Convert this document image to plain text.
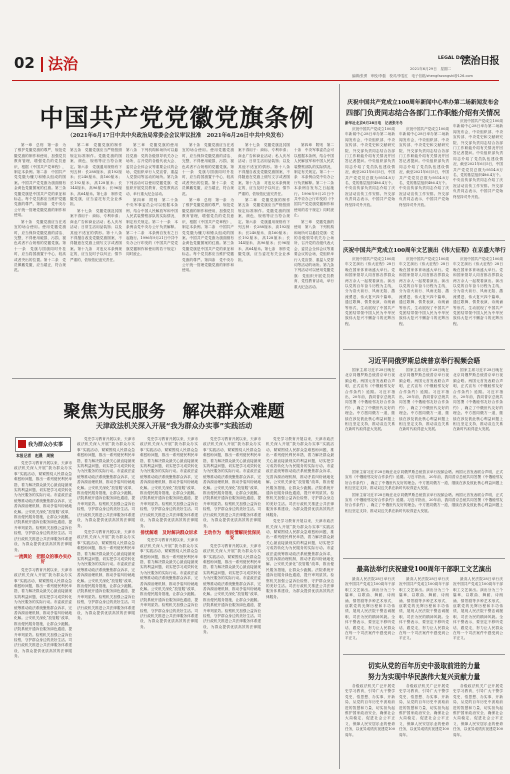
02 法治	LEGAL DAILY
法治日报
2021年6月29日　星期二
编辑/张勇　审校/李磊　校对/李雯红　电子信箱/zhengfazongshi@126.com
中国共产党党徽党旗条例
（2021年6月17日中共中央政治局常委会会议审议批准　2021年6月26日中共中央发布）

第一章　总则　第一条　为了维护党徽党旗的尊严，规范党徽党旗的制作和使用，加强党员教育管理，增强党员的党员意识，根据《中国共产党章程》，制定本条例。第二条　中国共产党党徽为镰刀和锤头组成的图案。中国共产党党旗为旗面缀有金黄色党徽图案的红旗。第三条　党徽党旗是中国共产党的象征和标志。每个党员都应当维护党徽党旗的尊严。第四条　党中央办公厅统一管理党徽党旗的制作和使用。

第十条　党徽党旗应当在适宜的场合使用。使用党徽党旗时，应当保持党徽党旗的清洁、完整，不得使用破损、污损、褪色或者不合规格的党徽党旗。第十一条　党旗与国旗同时升挂时，应当将国旗置于中心、较高或者突出的位置。第十二条　党员佩戴党徽，应当端正，符合规范。

第二章　党徽党旗的制作　第五条　党徽党旗应当严格按照规定标准制作。党徽党旗的图案、颜色、规格等应当符合规定。第六条　党旗通用规格有下列五种：长288厘米、高192厘米；长240厘米、高160厘米；长192厘米、高128厘米；长144厘米、高96厘米；长96厘米、高64厘米。第七条　制作党徽党旗，应当委托有关企业承担。

第十七条　党徽党旗及其图案不得用于：商标、专利申请；商业广告和商业活动；私人庆吊活动；日常生活用品装饰；以及其他不适宜的情形。第十八条　不得擅自改变党徽党旗图案，不得随意在党旗上缀写文字或者图案。第十九条　对违反本条例规定的，应当及时予以纠正；情节严重的，依规依纪追究责任。

第三章　党徽党旗的使用　第八条　下列机构和场所可以悬挂党旗：党的各级领导机关办公场所，召开党的各级代表大会、委员会全体会议等重要会议的会场，党组织举行入党宣誓、重温入党誓词等活动的场所。第九条　下列活动可以使用党徽党旗：党组织开展党员教育、党性教育活动，举行重大纪念活动。

第四章　附则　第二十条　中央军事委员会可以根据本条例，结合中国人民解放军和中国人民武装警察部队的实际情况，制定有关规定。第二十一条　本条例由党中央办公厅负责解释。第二十二条　本条例自发布之日起施行。1996年9月21日中共中央办公厅印发的《中国共产党党旗党徽制作和使用的若干规定》同时废止。

第十条　党徽党旗应当在适宜的场合使用。使用党徽党旗时，应当保持党徽党旗的清洁、完整，不得使用破损、污损、褪色或者不合规格的党徽党旗。第十一条　党旗与国旗同时升挂时，应当将国旗置于中心、较高或者突出的位置。第十二条　党员佩戴党徽，应当端正，符合规范。

第一章　总则　第一条　为了维护党徽党旗的尊严，规范党徽党旗的制作和使用，加强党员教育管理，增强党员的党员意识，根据《中国共产党章程》，制定本条例。第二条　中国共产党党徽为镰刀和锤头组成的图案。中国共产党党旗为旗面缀有金黄色党徽图案的红旗。第三条　党徽党旗是中国共产党的象征和标志。每个党员都应当维护党徽党旗的尊严。第四条　党中央办公厅统一管理党徽党旗的制作和使用。

第十七条　党徽党旗及其图案不得用于：商标、专利申请；商业广告和商业活动；私人庆吊活动；日常生活用品装饰；以及其他不适宜的情形。第十八条　不得擅自改变党徽党旗图案，不得随意在党旗上缀写文字或者图案。第十九条　对违反本条例规定的，应当及时予以纠正；情节严重的，依规依纪追究责任。

第二章　党徽党旗的制作　第五条　党徽党旗应当严格按照规定标准制作。党徽党旗的图案、颜色、规格等应当符合规定。第六条　党旗通用规格有下列五种：长288厘米、高192厘米；长240厘米、高160厘米；长192厘米、高128厘米；长144厘米、高96厘米；长96厘米、高64厘米。第七条　制作党徽党旗，应当委托有关企业承担。

第四章　附则　第二十条　中央军事委员会可以根据本条例，结合中国人民解放军和中国人民武装警察部队的实际情况，制定有关规定。第二十一条　本条例由党中央办公厅负责解释。第二十二条　本条例自发布之日起施行。1996年9月21日中共中央办公厅印发的《中国共产党党旗党徽制作和使用的若干规定》同时废止。

第三章　党徽党旗的使用　第八条　下列机构和场所可以悬挂党旗：党的各级领导机关办公场所，召开党的各级代表大会、委员会全体会议等重要会议的会场，党组织举行入党宣誓、重温入党誓词等活动的场所。第九条　下列活动可以使用党徽党旗：党组织开展党员教育、党性教育活动，举行重大纪念活动。

聚焦为民服务　解决群众难题
天津政法机关深入开展“我为群众办实事”实践活动
我为群众办实事
本报记者　赵晨　周婉

党史学习教育开展以来，天津市政法机关深入开展“我为群众办实事”实践活动，紧紧围绕人民群众急难愁盼问题，推出一系列便民利民举措，着力解决群众最关心最直接最现实的利益问题，切实把学习成效转化为为民服务的实际行动。市委政法委统筹推动政法系统聚焦群众诉求，完善诉源治理机制，推动矛盾纠纷就地化解。公安机关深化“放管服”改革，推出便民服务措施，让群众少跑腿。法院系统开通诉讼服务绿色通道，提升审判质效。检察机关加强公益诉讼检察，守护群众身边的美好生活。司法行政机关推进公共法律服务体系建设，为群众提供优质高效的法律服务。

一流舆论　把群众的事办实办好

党史学习教育开展以来，天津市政法机关深入开展“我为群众办实事”实践活动，紧紧围绕人民群众急难愁盼问题，推出一系列便民利民举措，着力解决群众最关心最直接最现实的利益问题，切实把学习成效转化为为民服务的实际行动。市委政法委统筹推动政法系统聚焦群众诉求，完善诉源治理机制，推动矛盾纠纷就地化解。公安机关深化“放管服”改革，推出便民服务措施，让群众少跑腿。法院系统开通诉讼服务绿色通道，提升审判质效。检察机关加强公益诉讼检察，守护群众身边的美好生活。司法行政机关推进公共法律服务体系建设，为群众提供优质高效的法律服务。

党史学习教育开展以来，天津市政法机关深入开展“我为群众办实事”实践活动，紧紧围绕人民群众急难愁盼问题，推出一系列便民利民举措，着力解决群众最关心最直接最现实的利益问题，切实把学习成效转化为为民服务的实际行动。市委政法委统筹推动政法系统聚焦群众诉求，完善诉源治理机制，推动矛盾纠纷就地化解。公安机关深化“放管服”改革，推出便民服务措施，让群众少跑腿。法院系统开通诉讼服务绿色通道，提升审判质效。检察机关加强公益诉讼检察，守护群众身边的美好生活。司法行政机关推进公共法律服务体系建设，为群众提供优质高效的法律服务。

党史学习教育开展以来，天津市政法机关深入开展“我为群众办实事”实践活动，紧紧围绕人民群众急难愁盼问题，推出一系列便民利民举措，着力解决群众最关心最直接最现实的利益问题，切实把学习成效转化为为民服务的实际行动。市委政法委统筹推动政法系统聚焦群众诉求，完善诉源治理机制，推动矛盾纠纷就地化解。公安机关深化“放管服”改革，推出便民服务措施，让群众少跑腿。法院系统开通诉讼服务绿色通道，提升审判质效。检察机关加强公益诉讼检察，守护群众身边的美好生活。司法行政机关推进公共法律服务体系建设，为群众提供优质高效的法律服务。

党史学习教育开展以来，天津市政法机关深入开展“我为群众办实事”实践活动，紧紧围绕人民群众急难愁盼问题，推出一系列便民利民举措，着力解决群众最关心最直接最现实的利益问题，切实把学习成效转化为为民服务的实际行动。市委政法委统筹推动政法系统聚焦群众诉求，完善诉源治理机制，推动矛盾纠纷就地化解。公安机关深化“放管服”改革，推出便民服务措施，让群众少跑腿。法院系统开通诉讼服务绿色通道，提升审判质效。检察机关加强公益诉讼检察，守护群众身边的美好生活。司法行政机关推进公共法律服务体系建设，为群众提供优质高效的法律服务。

排忧解难　及时解决群众诉求

党史学习教育开展以来，天津市政法机关深入开展“我为群众办实事”实践活动，紧紧围绕人民群众急难愁盼问题，推出一系列便民利民举措，着力解决群众最关心最直接最现实的利益问题，切实把学习成效转化为为民服务的实际行动。市委政法委统筹推动政法系统聚焦群众诉求，完善诉源治理机制，推动矛盾纠纷就地化解。公安机关深化“放管服”改革，推出便民服务措施，让群众少跑腿。法院系统开通诉讼服务绿色通道，提升审判质效。检察机关加强公益诉讼检察，守护群众身边的美好生活。司法行政机关推进公共法律服务体系建设，为群众提供优质高效的法律服务。

党史学习教育开展以来，天津市政法机关深入开展“我为群众办实事”实践活动，紧紧围绕人民群众急难愁盼问题，推出一系列便民利民举措，着力解决群众最关心最直接最现实的利益问题，切实把学习成效转化为为民服务的实际行动。市委政法委统筹推动政法系统聚焦群众诉求，完善诉源治理机制，推动矛盾纠纷就地化解。公安机关深化“放管服”改革，推出便民服务措施，让群众少跑腿。法院系统开通诉讼服务绿色通道，提升审判质效。检察机关加强公益诉讼检察，守护群众身边的美好生活。司法行政机关推进公共法律服务体系建设，为群众提供优质高效的法律服务。

主动作为　维民情解民忧保民安

党史学习教育开展以来，天津市政法机关深入开展“我为群众办实事”实践活动，紧紧围绕人民群众急难愁盼问题，推出一系列便民利民举措，着力解决群众最关心最直接最现实的利益问题，切实把学习成效转化为为民服务的实际行动。市委政法委统筹推动政法系统聚焦群众诉求，完善诉源治理机制，推动矛盾纠纷就地化解。公安机关深化“放管服”改革，推出便民服务措施，让群众少跑腿。法院系统开通诉讼服务绿色通道，提升审判质效。检察机关加强公益诉讼检察，守护群众身边的美好生活。司法行政机关推进公共法律服务体系建设，为群众提供优质高效的法律服务。

党史学习教育开展以来，天津市政法机关深入开展“我为群众办实事”实践活动，紧紧围绕人民群众急难愁盼问题，推出一系列便民利民举措，着力解决群众最关心最直接最现实的利益问题，切实把学习成效转化为为民服务的实际行动。市委政法委统筹推动政法系统聚焦群众诉求，完善诉源治理机制，推动矛盾纠纷就地化解。公安机关深化“放管服”改革，推出便民服务措施，让群众少跑腿。法院系统开通诉讼服务绿色通道，提升审判质效。检察机关加强公益诉讼检察，守护群众身边的美好生活。司法行政机关推进公共法律服务体系建设，为群众提供优质高效的法律服务。

党史学习教育开展以来，天津市政法机关深入开展“我为群众办实事”实践活动，紧紧围绕人民群众急难愁盼问题，推出一系列便民利民举措，着力解决群众最关心最直接最现实的利益问题，切实把学习成效转化为为民服务的实际行动。市委政法委统筹推动政法系统聚焦群众诉求，完善诉源治理机制，推动矛盾纠纷就地化解。公安机关深化“放管服”改革，推出便民服务措施，让群众少跑腿。法院系统开通诉讼服务绿色通道，提升审判质效。检察机关加强公益诉讼检察，守护群众身边的美好生活。司法行政机关推进公共法律服务体系建设，为群众提供优质高效的法律服务。

庆祝中国共产党成立100周年新闻中心举办第二场新闻发布会
四部门负责同志结合各部门工作职能介绍有关情况
新华社北京6月28日电　记者张冬冬

庆祝中国共产党成立100周年新闻中心28日举办第二场新闻发布会，中央组织部、中央宣传部、中央党史和文献研究院、外交部负责同志结合各部门工作职能介绍有关情况并回答记者提问。中央组织部负责同志介绍了党员队伍建设情况，截至2021年6月5日，中国共产党党员总数为9514.8万名，党的基层组织486.4万个。中央宣传部负责同志介绍了庆祝活动宣传工作安排。外交部负责同志表示，中国共产党始终坚持对外开放。

庆祝中国共产党成立100周年新闻中心28日举办第二场新闻发布会，中央组织部、中央宣传部、中央党史和文献研究院、外交部负责同志结合各部门工作职能介绍有关情况并回答记者提问。中央组织部负责同志介绍了党员队伍建设情况，截至2021年6月5日，中国共产党党员总数为9514.8万名，党的基层组织486.4万个。中央宣传部负责同志介绍了庆祝活动宣传工作安排。外交部负责同志表示，中国共产党始终坚持对外开放。

庆祝中国共产党成立100周年新闻中心28日举办第二场新闻发布会，中央组织部、中央宣传部、中央党史和文献研究院、外交部负责同志结合各部门工作职能介绍有关情况并回答记者提问。中央组织部负责同志介绍了党员队伍建设情况，截至2021年6月5日，中国共产党党员总数为9514.8万名，党的基层组织486.4万个。中央宣传部负责同志介绍了庆祝活动宣传工作安排。外交部负责同志表示，中国共产党始终坚持对外开放。

庆祝中国共产党成立100周年文艺演出《伟大征程》在京盛大举行

庆祝中国共产党成立100周年文艺演出《伟大征程》28日晚在国家体育场盛大举行。党和国家领导人同首都各界群众两万余人一起观看演出。演出以党的百年奋斗历程为主线，分为浴火前行、风雨无阻、激流勇进、伟大复兴四个篇章，通过歌舞、情景表演、诗朗诵等形式，生动展现了中国共产党团结带领中国人民为中华民族伟大复兴不懈奋斗的光辉历程。

庆祝中国共产党成立100周年文艺演出《伟大征程》28日晚在国家体育场盛大举行。党和国家领导人同首都各界群众两万余人一起观看演出。演出以党的百年奋斗历程为主线，分为浴火前行、风雨无阻、激流勇进、伟大复兴四个篇章，通过歌舞、情景表演、诗朗诵等形式，生动展现了中国共产党团结带领中国人民为中华民族伟大复兴不懈奋斗的光辉历程。

庆祝中国共产党成立100周年文艺演出《伟大征程》28日晚在国家体育场盛大举行。党和国家领导人同首都各界群众两万余人一起观看演出。演出以党的百年奋斗历程为主线，分为浴火前行、风雨无阻、激流勇进、伟大复兴四个篇章，通过歌舞、情景表演、诗朗诵等形式，生动展现了中国共产党团结带领中国人民为中华民族伟大复兴不懈奋斗的光辉历程。

习近平同俄罗斯总统普京举行视频会晤

国家主席习近平28日晚在北京同俄罗斯总统普京举行视频会晤。两国元首发表联合声明，正式宣布《中俄睦邻友好合作条约》延期。习近平指出，20年前，我同普京总统共同签署《中俄睦邻友好合作条约》，确立了中俄世代友好的理念。中方愿同俄方一道，继续在涉及彼此核心利益问题上相互坚定支持，推动双边关系在新时代取得更大发展。

国家主席习近平28日晚在北京同俄罗斯总统普京举行视频会晤。两国元首发表联合声明，正式宣布《中俄睦邻友好合作条约》延期。习近平指出，20年前，我同普京总统共同签署《中俄睦邻友好合作条约》，确立了中俄世代友好的理念。中方愿同俄方一道，继续在涉及彼此核心利益问题上相互坚定支持，推动双边关系在新时代取得更大发展。

国家主席习近平28日晚在北京同俄罗斯总统普京举行视频会晤。两国元首发表联合声明，正式宣布《中俄睦邻友好合作条约》延期。习近平指出，20年前，我同普京总统共同签署《中俄睦邻友好合作条约》，确立了中俄世代友好的理念。中方愿同俄方一道，继续在涉及彼此核心利益问题上相互坚定支持，推动双边关系在新时代取得更大发展。

国家主席习近平28日晚在北京同俄罗斯总统普京举行视频会晤。两国元首发表联合声明，正式宣布《中俄睦邻友好合作条约》延期。习近平指出，20年前，我同普京总统共同签署《中俄睦邻友好合作条约》，确立了中俄世代友好的理念。中方愿同俄方一道，继续在涉及彼此核心利益问题上相互坚定支持，推动双边关系在新时代取得更大发展。

国家主席习近平28日晚在北京同俄罗斯总统普京举行视频会晤。两国元首发表联合声明，正式宣布《中俄睦邻友好合作条约》延期。习近平指出，20年前，我同普京总统共同签署《中俄睦邻友好合作条约》，确立了中俄世代友好的理念。中方愿同俄方一道，继续在涉及彼此核心利益问题上相互坚定支持，推动双边关系在新时代取得更大发展。

最高法举行庆祝建党100周年干部职工文艺演出

最高人民法院28日举行庆祝中国共产党成立100周年干部职工文艺演出。演出分为三个篇章，以歌曲、舞蹈、诗朗诵、情景剧等多种艺术形式，讴歌党的光辉历程和丰功伟绩，展现人民法院干警忠诚履职、司法为民的精神风貌。全体干警表示，要坚定不移听党话、跟党走，努力让人民群众在每一个司法案件中感受到公平正义。

最高人民法院28日举行庆祝中国共产党成立100周年干部职工文艺演出。演出分为三个篇章，以歌曲、舞蹈、诗朗诵、情景剧等多种艺术形式，讴歌党的光辉历程和丰功伟绩，展现人民法院干警忠诚履职、司法为民的精神风貌。全体干警表示，要坚定不移听党话、跟党走，努力让人民群众在每一个司法案件中感受到公平正义。

最高人民法院28日举行庆祝中国共产党成立100周年干部职工文艺演出。演出分为三个篇章，以歌曲、舞蹈、诗朗诵、情景剧等多种艺术形式，讴歌党的光辉历程和丰功伟绩，展现人民法院干警忠诚履职、司法为民的精神风貌。全体干警表示，要坚定不移听党话、跟党走，努力让人民群众在每一个司法案件中感受到公平正义。

切实从党的百年历史中汲取前进的力量
努力为实现中华民族伟大复兴贡献力量

各级政法机关广泛开展党史学习教育，引导广大干警学党史、悟思想、办实事、开新局，从党的百年历史中汲取前进的智慧和力量，切实担负起维护国家政治安全、确保社会大局稳定、促进社会公平正义、保障人民安居乐业的使命任务，以优异成绩庆祝建党100周年。

各级政法机关广泛开展党史学习教育，引导广大干警学党史、悟思想、办实事、开新局，从党的百年历史中汲取前进的智慧和力量，切实担负起维护国家政治安全、确保社会大局稳定、促进社会公平正义、保障人民安居乐业的使命任务，以优异成绩庆祝建党100周年。

各级政法机关广泛开展党史学习教育，引导广大干警学党史、悟思想、办实事、开新局，从党的百年历史中汲取前进的智慧和力量，切实担负起维护国家政治安全、确保社会大局稳定、促进社会公平正义、保障人民安居乐业的使命任务，以优异成绩庆祝建党100周年。
